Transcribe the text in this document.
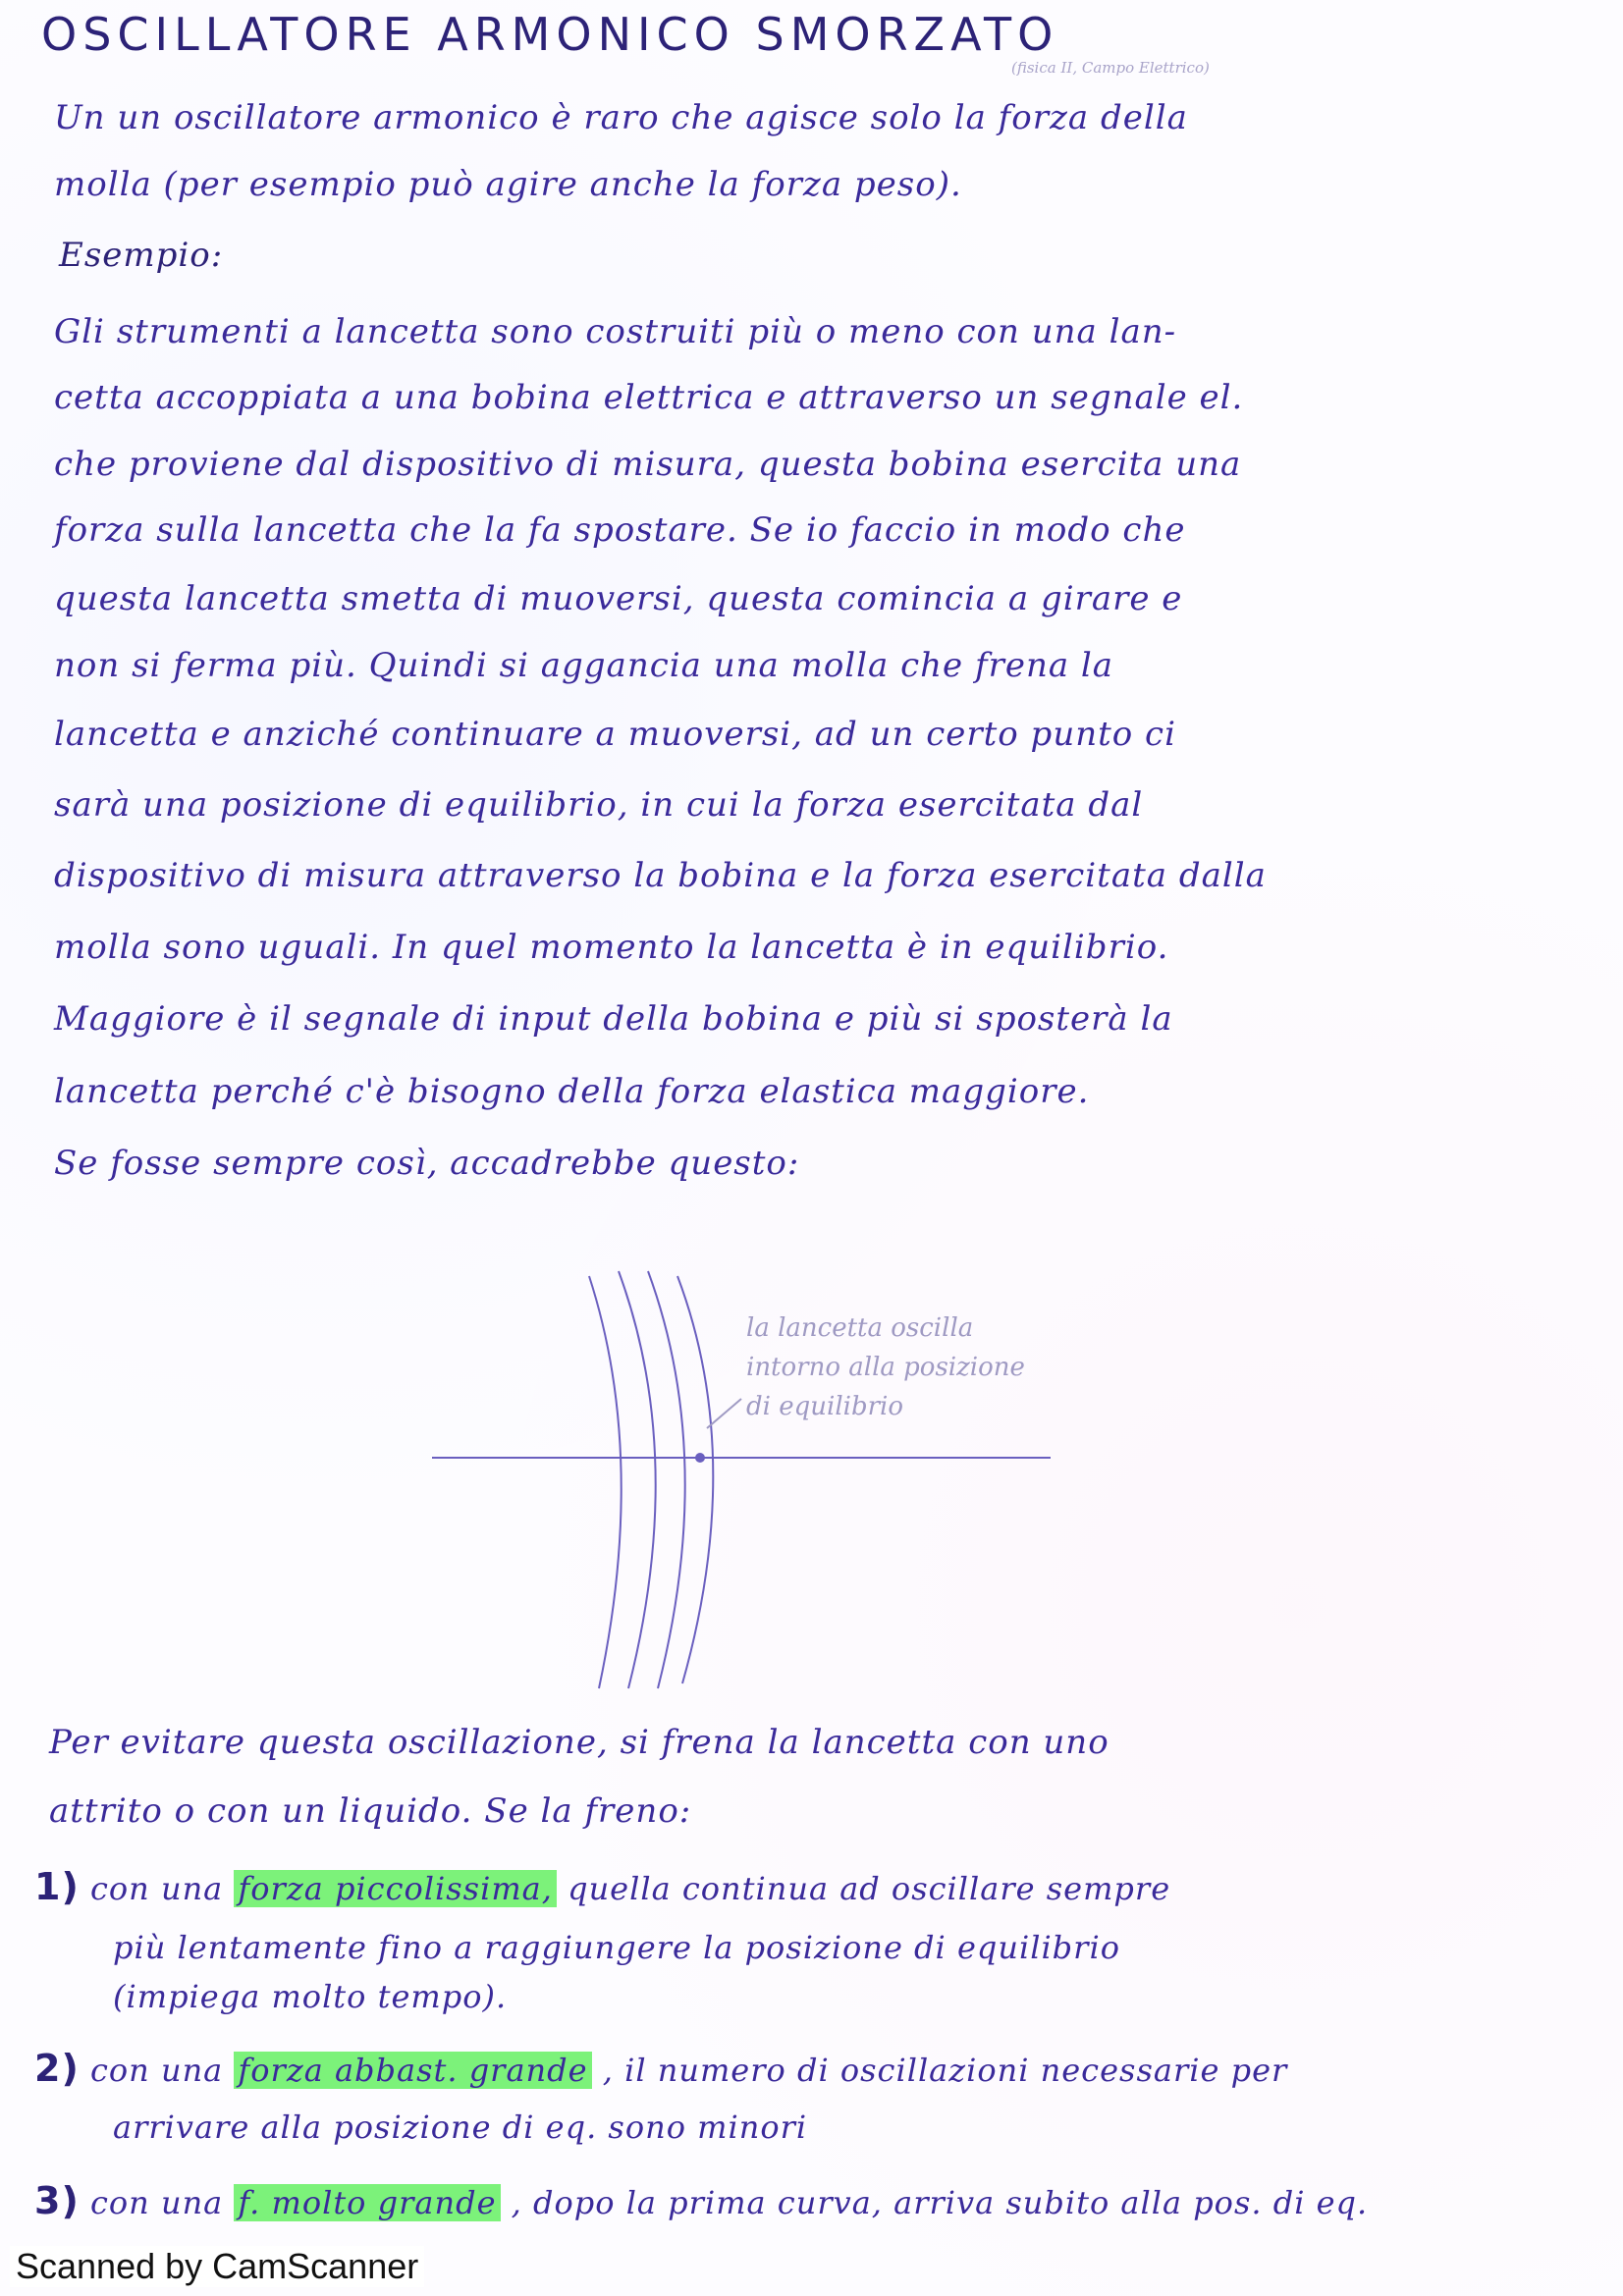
OSCILLATORE ARMONICO SMORZATO
(fisica II, Campo Elettrico)
Un un oscillatore armonico è raro che agisce solo la forza della
molla (per esempio può agire anche la forza peso).
Esempio:
Gli strumenti a lancetta sono costruiti più o meno con una lan-
cetta accoppiata a una bobina elettrica e attraverso un segnale el.
che proviene dal dispositivo di misura, questa bobina esercita una
forza sulla lancetta che la fa spostare. Se io faccio in modo che
questa lancetta smetta di muoversi, questa comincia a girare e
non si ferma più. Quindi si aggancia una molla che frena la
lancetta e anziché continuare a muoversi, ad un certo punto ci
sarà una posizione di equilibrio, in cui la forza esercitata dal
dispositivo di misura attraverso la bobina e la forza esercitata dalla
molla sono uguali. In quel momento la lancetta è in equilibrio.
Maggiore è il segnale di input della bobina e più si sposterà la
lancetta perché c'è bisogno della forza elastica maggiore.
Se fosse sempre così, accadrebbe questo:
la lancetta oscilla
intorno alla posizione
di equilibrio
Per evitare questa oscillazione, si frena la lancetta con uno
attrito o con un liquido. Se la freno:
1) con una forza piccolissima, quella continua ad oscillare sempre
più lentamente fino a raggiungere la posizione di equilibrio
(impiega molto tempo).
2) con una forza abbast. grande , il numero di oscillazioni necessarie per
arrivare alla posizione di eq. sono minori
3) con una f. molto grande , dopo la prima curva, arriva subito alla pos. di eq.
Scanned by CamScanner
